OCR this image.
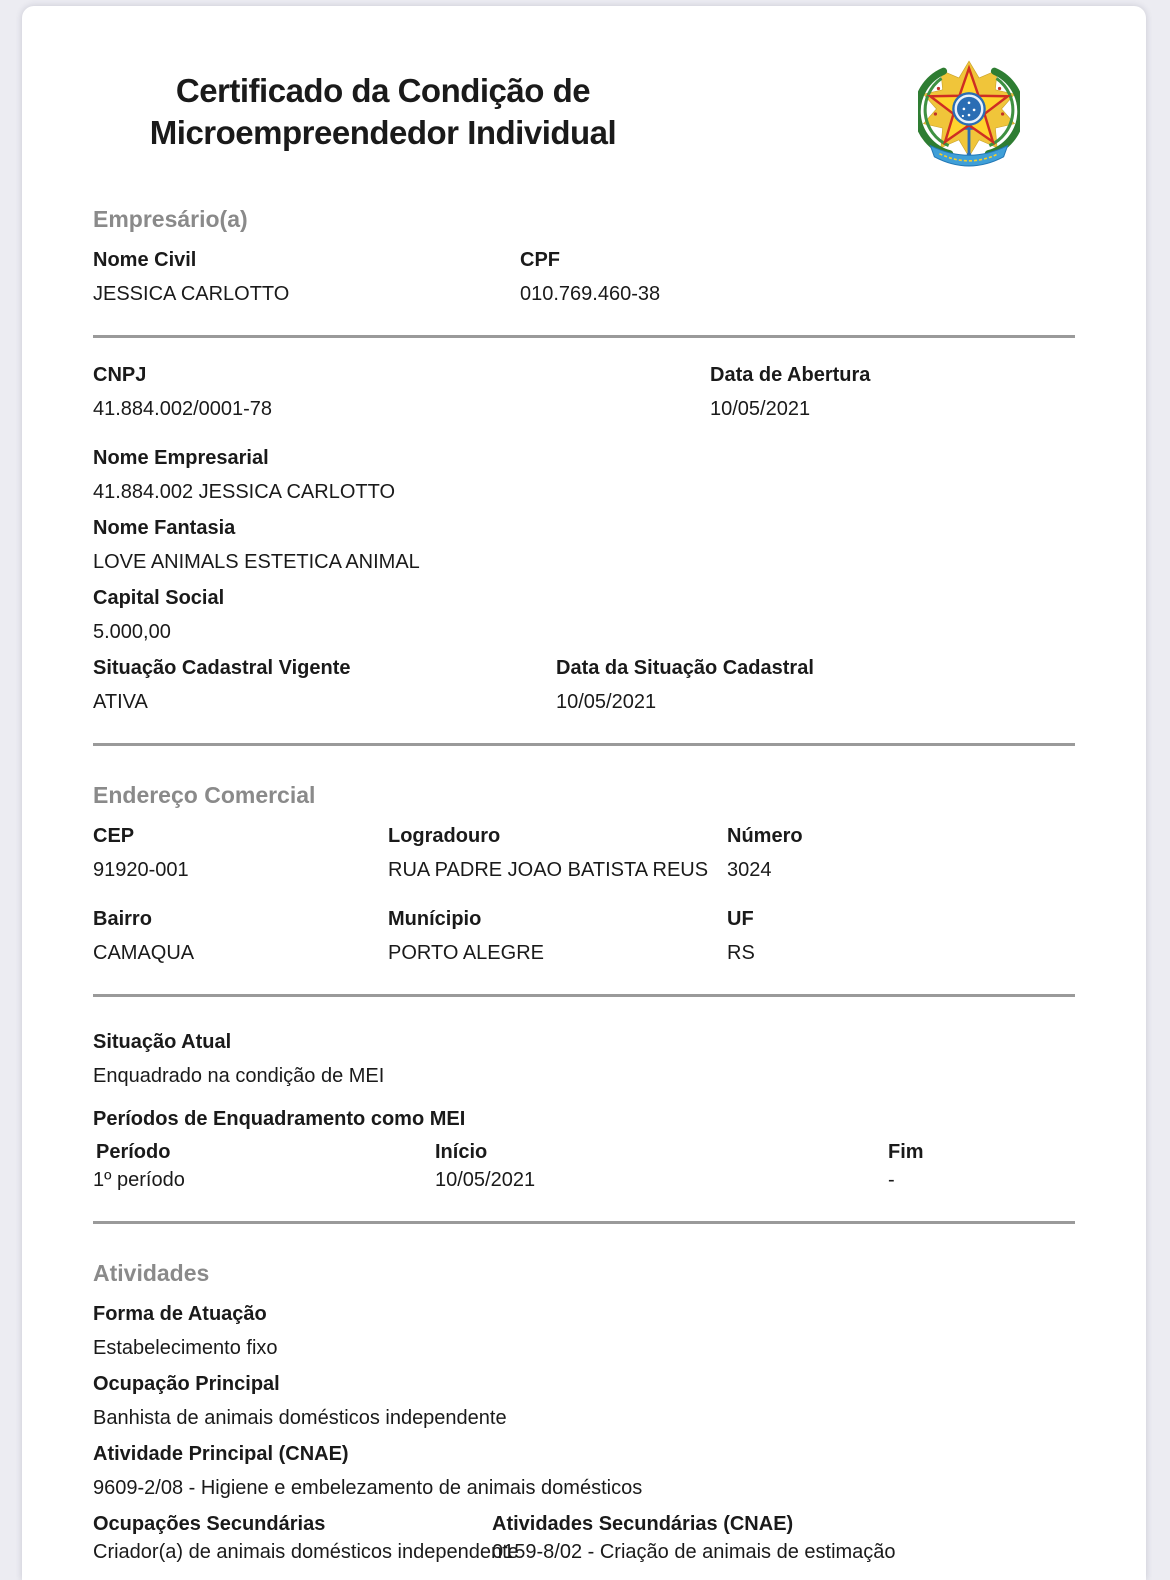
Certificado da Condição de
Microempreendedor Individual
Empresário(a)
Nome Civil
JESSICA CARLOTTO
CPF
010.769.460-38
CNPJ
41.884.002/0001-78
Data de Abertura
10/05/2021
Nome Empresarial
41.884.002 JESSICA CARLOTTO
Nome Fantasia
LOVE ANIMALS ESTETICA ANIMAL
Capital Social
5.000,00
Situação Cadastral Vigente
ATIVA
Data da Situação Cadastral
10/05/2021
Endereço Comercial
CEP
91920-001
Logradouro
RUA PADRE JOAO BATISTA REUS
Número
3024
Bairro
CAMAQUA
Munícipio
PORTO ALEGRE
UF
RS
Situação Atual
Enquadrado na condição de MEI
Períodos de Enquadramento como MEI
Período
1º período
Início
10/05/2021
Fim
-
Atividades
Forma de Atuação
Estabelecimento fixo
Ocupação Principal
Banhista de animais domésticos independente
Atividade Principal (CNAE)
9609-2/08 - Higiene e embelezamento de animais domésticos
Ocupações Secundárias
Criador(a) de animais domésticos independente
Atividades Secundárias (CNAE)
0159-8/02 - Criação de animais de estimação
